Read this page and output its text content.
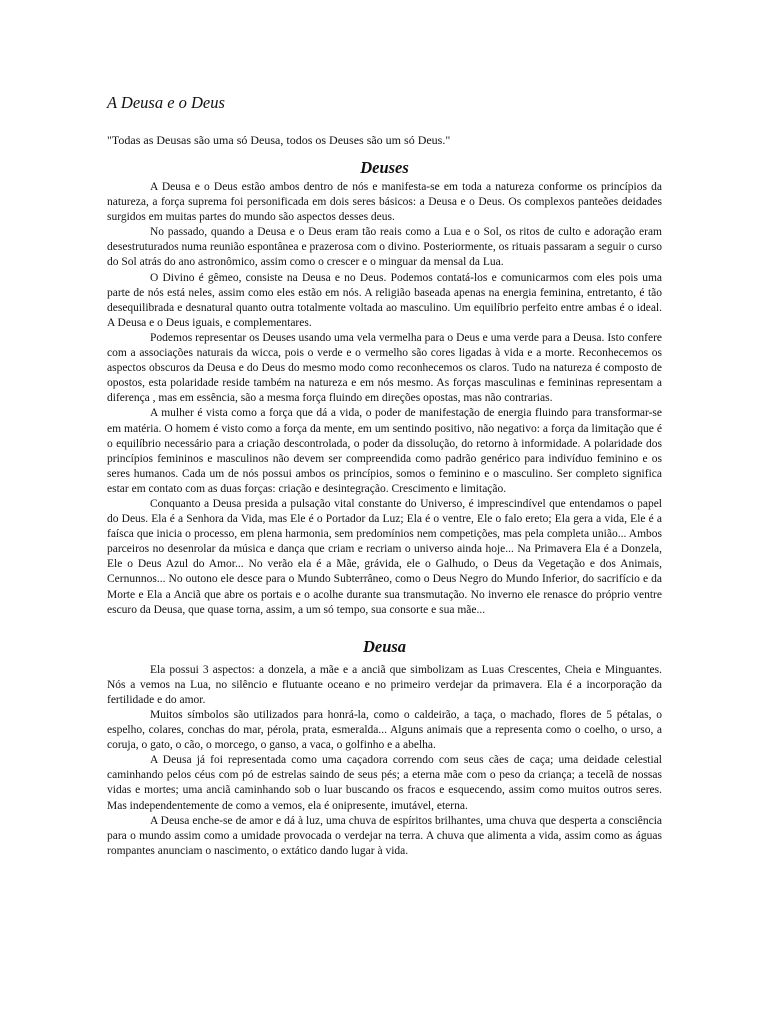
A Deusa e o Deus

"Todas as Deusas são uma só Deusa, todos os Deuses são um só Deus."

Deuses

A Deusa e o Deus estão ambos dentro de nós e manifesta-se em toda a natureza conforme os princípios da natureza, a força suprema foi personificada em dois seres básicos: a Deusa e o Deus. Os complexos panteões deidades surgidos em muitas partes do mundo são aspectos desses deus.

No passado, quando a Deusa e o Deus eram tão reais como a Lua e o Sol, os ritos de culto e adoração eram desestruturados numa reunião espontânea e prazerosa com o divino. Posteriormente, os rituais passaram a seguir o curso do Sol atrás do ano astronômico, assim como o crescer e o minguar da mensal da Lua.

O Divino é gêmeo, consiste na Deusa e no Deus. Podemos contatá-los e comunicarmos com eles pois uma parte de nós está neles, assim como eles estão em nós. A religião baseada apenas na energia feminina, entretanto, é tão desequilibrada e desnatural quanto outra totalmente voltada ao masculino. Um equilíbrio perfeito entre ambas é o ideal. A Deusa e o Deus iguais, e complementares.

Podemos representar os Deuses usando uma vela vermelha para o Deus e uma verde para a Deusa. Isto confere com a associações naturais da wicca, pois o verde e o vermelho são cores ligadas à vida e a morte. Reconhecemos os aspectos obscuros da Deusa e do Deus do mesmo modo como reconhecemos os claros. Tudo na natureza é composto de opostos, esta polaridade reside também na natureza e em nós mesmo. As forças masculinas e femininas representam a diferença , mas em essência, são a mesma força fluindo em direções opostas, mas não contrarias.

A mulher é vista como a força que dá a vida, o poder de manifestação de energia fluindo para transformar-se em matéria. O homem é visto como a força da mente, em um sentindo positivo, não negativo: a força da limitação que é o equilíbrio necessário para a criação descontrolada, o poder da dissolução, do retorno à informidade. A polaridade dos princípios femininos e masculinos não devem ser compreendida como padrão genérico para indivíduo feminino e os seres humanos. Cada um de nós possui ambos os princípios, somos o feminino e o masculino. Ser completo significa estar em contato com as duas forças: criação e desintegração. Crescimento e limitação.

Conquanto a Deusa presida a pulsação vital constante do Universo, é imprescindível que entendamos o papel do Deus. Ela é a Senhora da Vida, mas Ele é o Portador da Luz; Ela é o ventre, Ele o falo ereto; Ela gera a vida, Ele é a faísca que inicia o processo, em plena harmonia, sem predomínios nem competições, mas pela completa união... Ambos parceiros no desenrolar da música e dança que criam e recriam o universo ainda hoje... Na Primavera Ela é a Donzela, Ele o Deus Azul do Amor... No verão ela é a Mãe, grávida, ele o Galhudo, o Deus da Vegetação e dos Animais, Cernunnos... No outono ele desce para o Mundo Subterrâneo, como o Deus Negro do Mundo Inferior, do sacrifício e da Morte e Ela a Anciã que abre os portais e o acolhe durante sua transmutação. No inverno ele renasce do próprio ventre escuro da Deusa, que quase torna, assim, a um só tempo, sua consorte e sua mãe...

Deusa

Ela possui 3 aspectos: a donzela, a mãe e a anciã que simbolizam as Luas Crescentes, Cheia e Minguantes. Nós a vemos na Lua, no silêncio e flutuante oceano e no primeiro verdejar da primavera. Ela é a incorporação da fertilidade e do amor.

Muitos símbolos são utilizados para honrá-la, como o caldeirão, a taça, o machado, flores de 5 pétalas, o espelho, colares, conchas do mar, pérola, prata, esmeralda... Alguns animais que a representa como o coelho, o urso, a coruja, o gato, o cão, o morcego, o ganso, a vaca, o golfinho e a abelha.

A Deusa já foi representada como uma caçadora correndo com seus cães de caça; uma deidade celestial caminhando pelos céus com pó de estrelas saindo de seus pés; a eterna mãe com o peso da criança; a tecelã de nossas vidas e mortes; uma anciã caminhando sob o luar buscando os fracos e esquecendo, assim como muitos outros seres. Mas independentemente de como a vemos, ela é onipresente, imutável, eterna.

A Deusa enche-se de amor e dá à luz, uma chuva de espíritos brilhantes, uma chuva que desperta a consciência para o mundo assim como a umidade provocada o verdejar na terra. A chuva que alimenta a vida, assim como as águas rompantes anunciam o nascimento, o extático dando lugar à vida.
